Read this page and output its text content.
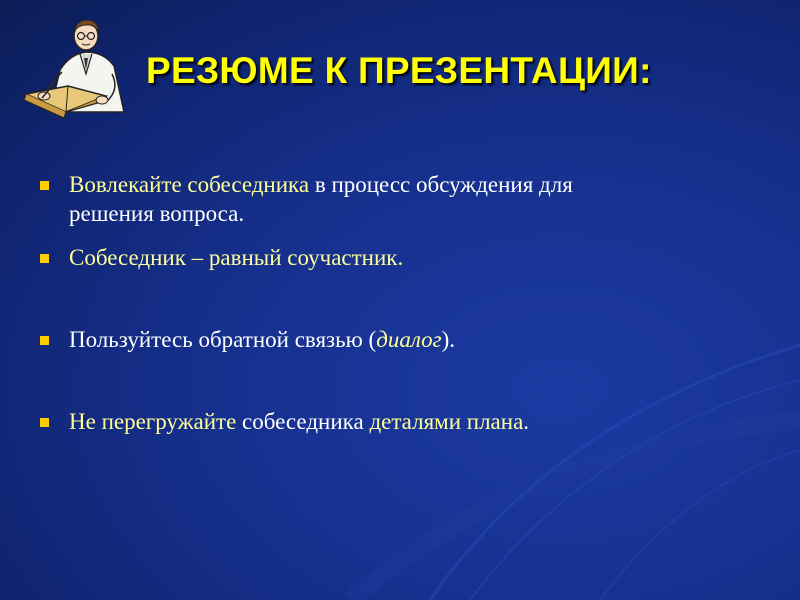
РЕЗЮМЕ К ПРЕЗЕНТАЦИИ:

Вовлекайте собеседника в процесс обсуждения для

решения вопроса.

Собеседник – равный соучастник.

Пользуйтесь обратной связью (диалог).

Не перегружайте собеседника деталями плана.
